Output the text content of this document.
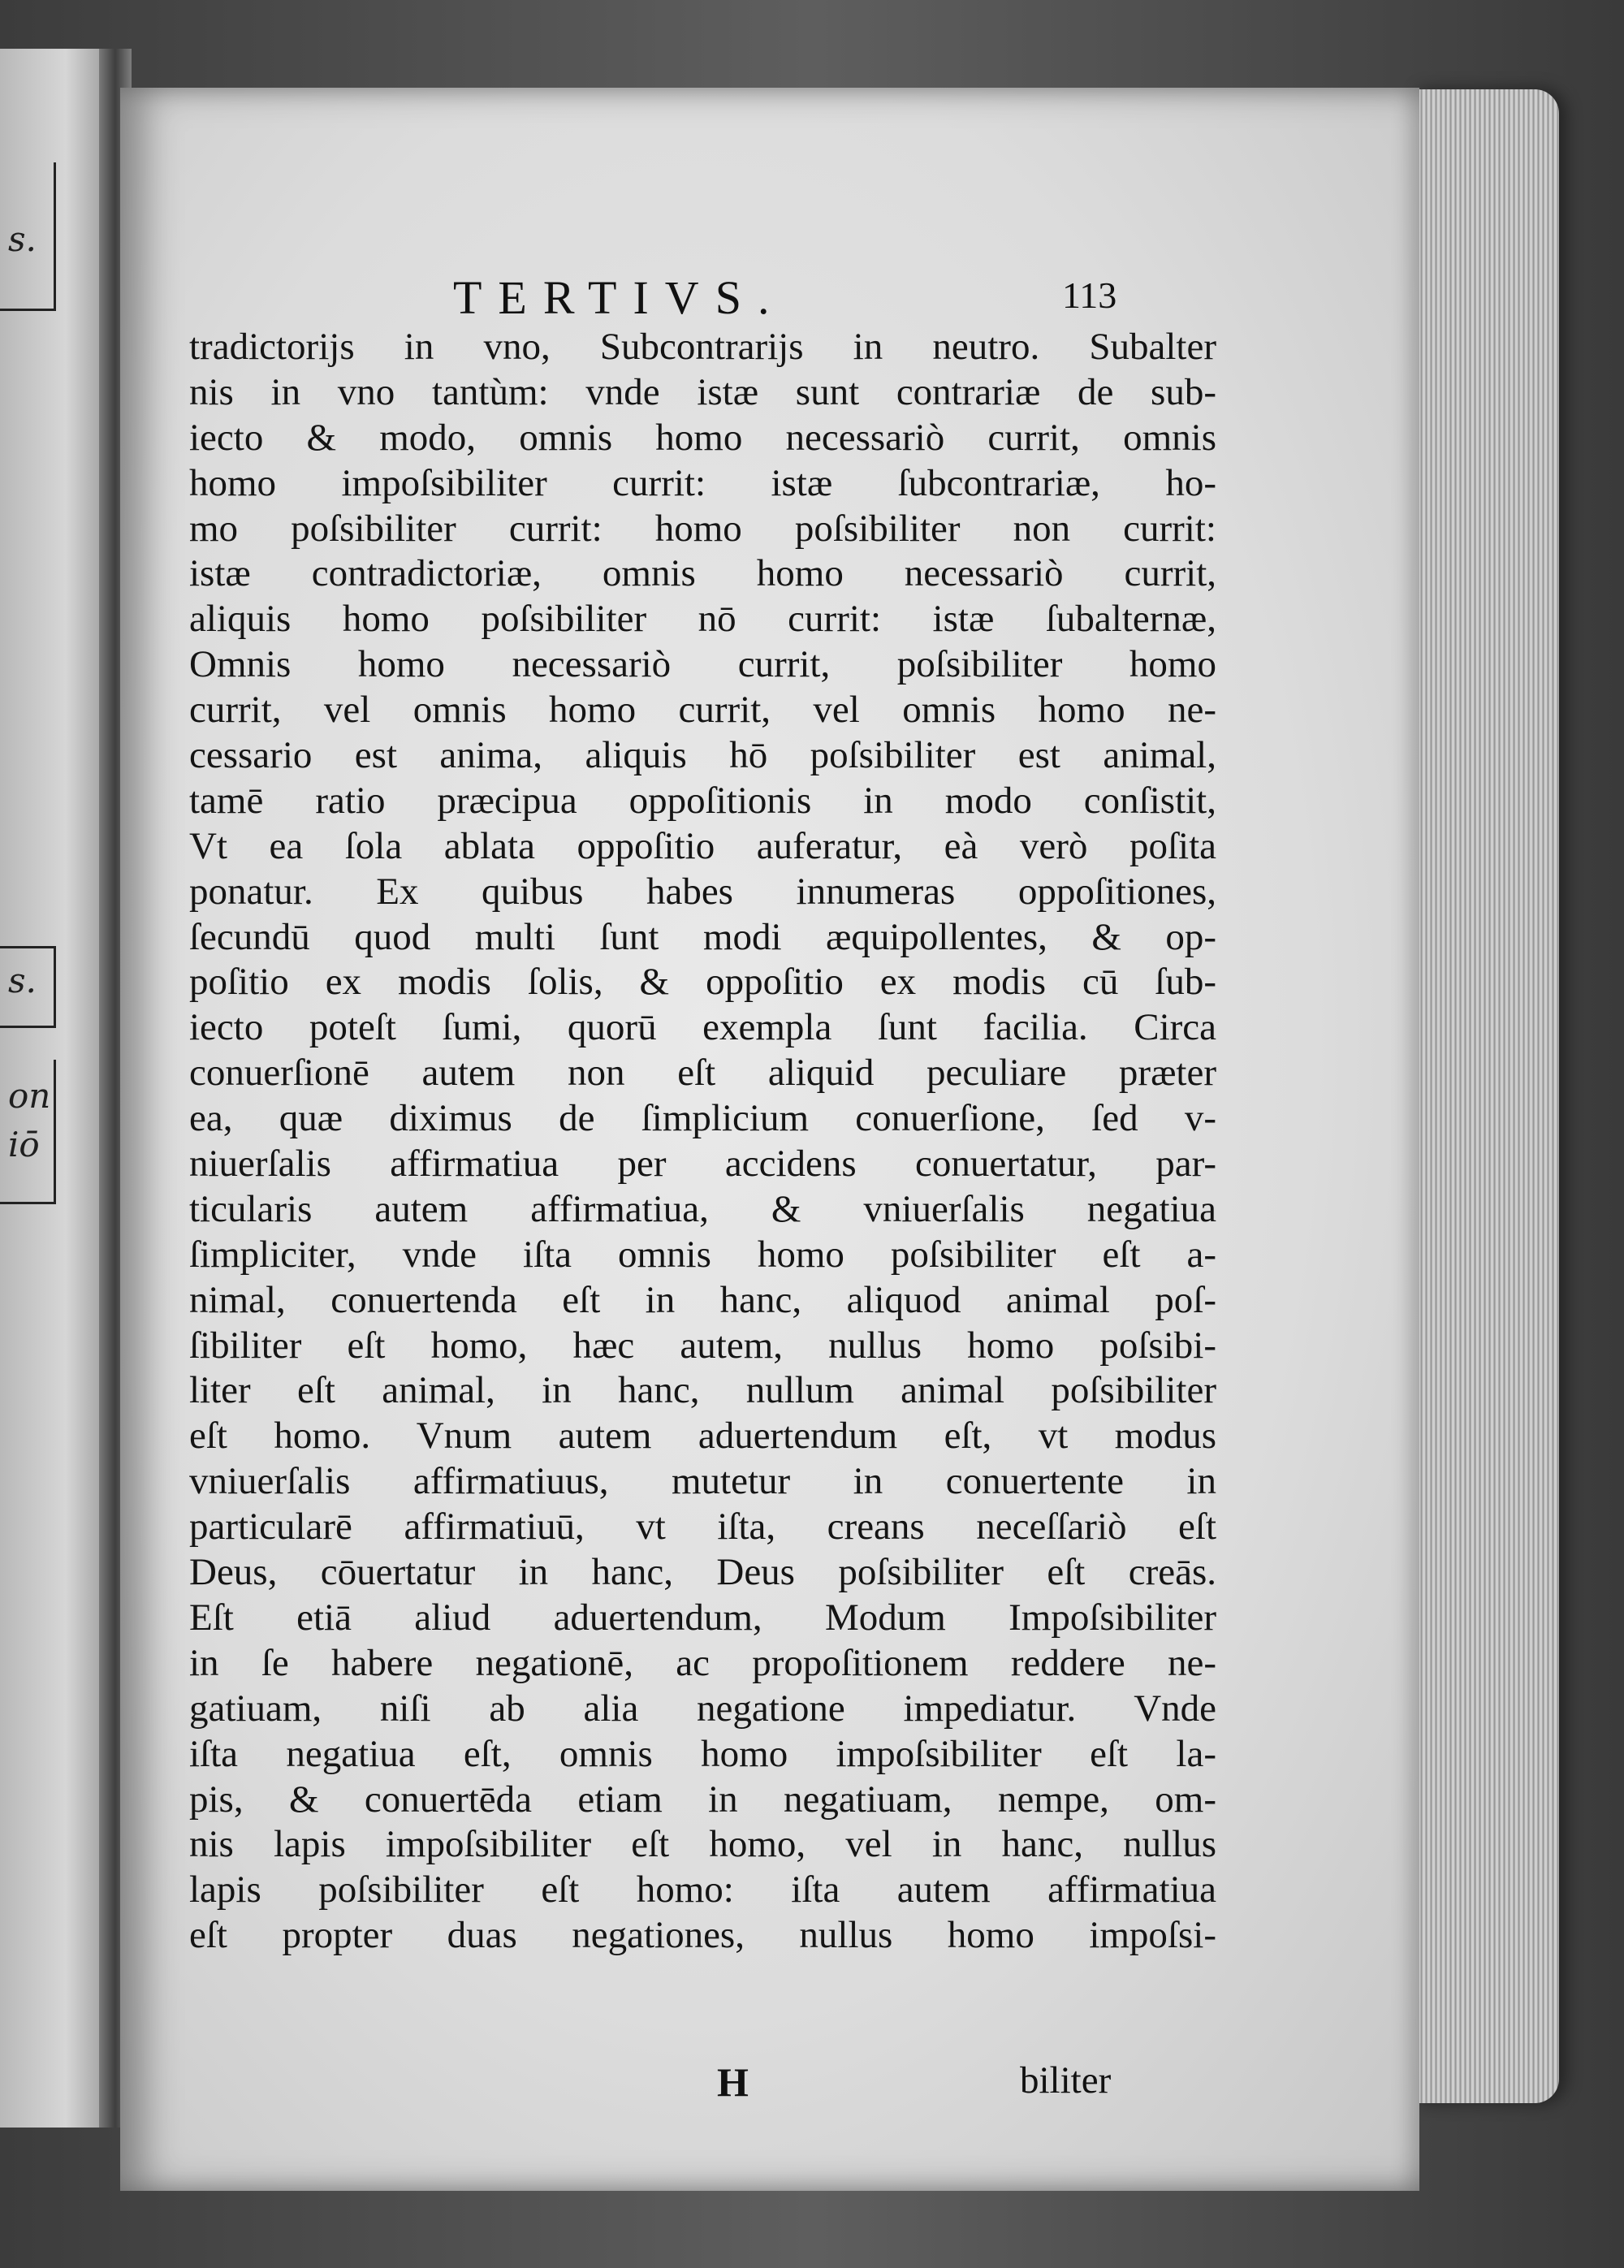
s.
s.
on
iō
TERTIVS.	113
tradictorijs in vno, Subcontrarijs in neutro. Subalter
nis in vno tantùm: vnde istæ sunt contrariæ de sub-
iecto & modo, omnis homo necessariò currit, omnis
homo impoſsibiliter currit: istæ ſubcontrariæ, ho-
mo poſsibiliter currit: homo poſsibiliter non currit:
istæ contradictoriæ, omnis homo necessariò currit,
aliquis homo poſsibiliter nō currit: istæ ſubalternæ,
Omnis homo necessariò currit, poſsibiliter homo
currit, vel omnis homo currit, vel omnis homo ne-
cessario est anima, aliquis hō poſsibiliter est animal,
tamē ratio præcipua oppoſitionis in modo conſistit,
Vt ea ſola ablata oppoſitio auferatur, eà verò poſita
ponatur. Ex quibus habes innumeras oppoſitiones,
ſecundū quod multi ſunt modi æquipollentes, & op-
poſitio ex modis ſolis, & oppoſitio ex modis cū ſub-
iecto poteſt ſumi, quorū exempla ſunt facilia. Circa
conuerſionē autem non eſt aliquid peculiare præter
ea, quæ diximus de ſimplicium conuerſione, ſed v-
niuerſalis affirmatiua per accidens conuertatur, par-
ticularis autem affirmatiua, & vniuerſalis negatiua
ſimpliciter, vnde iſta omnis homo poſsibiliter eſt a-
nimal, conuertenda eſt in hanc, aliquod animal poſ-
ſibiliter eſt homo, hæc autem, nullus homo poſsibi-
liter eſt animal, in hanc, nullum animal poſsibiliter
eſt homo. Vnum autem aduertendum eſt, vt modus
vniuerſalis affirmatiuus, mutetur in conuertente in
particularē affirmatiuū, vt iſta, creans neceſſariò eſt
Deus, cōuertatur in hanc, Deus poſsibiliter eſt creās.
Eſt etiā aliud aduertendum, Modum Impoſsibiliter
in ſe habere negationē, ac propoſitionem reddere ne-
gatiuam, niſi ab alia negatione impediatur. Vnde
iſta negatiua eſt, omnis homo impoſsibiliter eſt la-
pis, & conuertēda etiam in negatiuam, nempe, om-
nis lapis impoſsibiliter eſt homo, vel in hanc, nullus
lapis poſsibiliter eſt homo: iſta autem affirmatiua
eſt propter duas negationes, nullus homo impoſsi-
H	biliter
